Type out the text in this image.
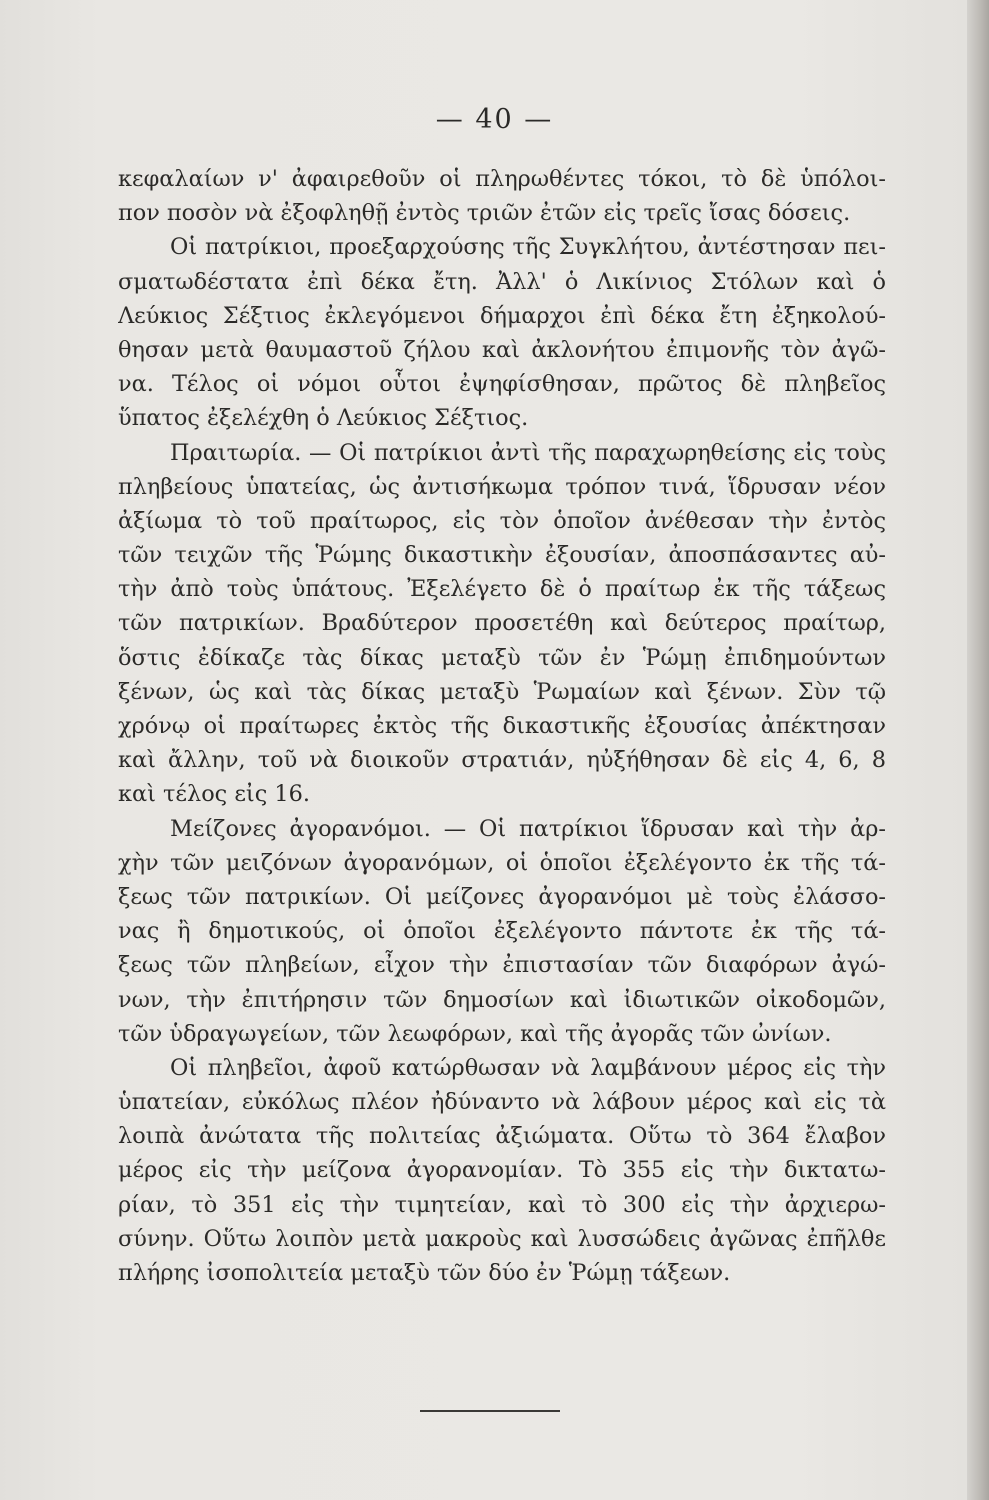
— 40 —
κεφαλαίων ν' ἀφαιρεθοῦν οἱ πληρωθέντες τόκοι, τὸ δὲ ὑπόλοι-
πον ποσὸν νὰ ἐξοφληθῇ ἐντὸς τριῶν ἐτῶν εἰς τρεῖς ἴσας δόσεις.
Οἱ πατρίκιοι, προεξαρχούσης τῆς Συγκλήτου, ἀντέστησαν πει-
σματωδέστατα ἐπὶ δέκα ἔτη. Ἀλλ' ὁ Λικίνιος Στόλων καὶ ὁ
Λεύκιος Σέξτιος ἐκλεγόμενοι δήμαρχοι ἐπὶ δέκα ἔτη ἐξηκολού-
θησαν μετὰ θαυμαστοῦ ζήλου καὶ ἀκλονήτου ἐπιμονῆς τὸν ἀγῶ-
να. Τέλος οἱ νόμοι οὗτοι ἐψηφίσθησαν, πρῶτος δὲ πληβεῖος
ὕπατος ἐξελέχθη ὁ Λεύκιος Σέξτιος.
Πραιτωρία. — Οἱ πατρίκιοι ἀντὶ τῆς παραχωρηθείσης εἰς τοὺς
πληβείους ὑπατείας, ὡς ἀντισήκωμα τρόπον τινά, ἵδρυσαν νέον
ἀξίωμα τὸ τοῦ πραίτωρος, εἰς τὸν ὁποῖον ἀνέθεσαν τὴν ἐντὸς
τῶν τειχῶν τῆς Ῥώμης δικαστικὴν ἐξουσίαν, ἀποσπάσαντες αὐ-
τὴν ἀπὸ τοὺς ὑπάτους. Ἐξελέγετο δὲ ὁ πραίτωρ ἐκ τῆς τάξεως
τῶν πατρικίων. Βραδύτερον προσετέθη καὶ δεύτερος πραίτωρ,
ὅστις ἐδίκαζε τὰς δίκας μεταξὺ τῶν ἐν Ῥώμῃ ἐπιδημούντων
ξένων, ὡς καὶ τὰς δίκας μεταξὺ Ῥωμαίων καὶ ξένων. Σὺν τῷ
χρόνῳ οἱ πραίτωρες ἐκτὸς τῆς δικαστικῆς ἐξουσίας ἀπέκτησαν
καὶ ἄλλην, τοῦ νὰ διοικοῦν στρατιάν, ηὐξήθησαν δὲ εἰς 4, 6, 8
καὶ τέλος εἰς 16.
Μείζονες ἀγορανόμοι. — Οἱ πατρίκιοι ἵδρυσαν καὶ τὴν ἀρ-
χὴν τῶν μειζόνων ἀγορανόμων, οἱ ὁποῖοι ἐξελέγοντο ἐκ τῆς τά-
ξεως τῶν πατρικίων. Οἱ μείζονες ἀγορανόμοι μὲ τοὺς ἐλάσσο-
νας ἢ δημοτικούς, οἱ ὁποῖοι ἐξελέγοντο πάντοτε ἐκ τῆς τά-
ξεως τῶν πληβείων, εἶχον τὴν ἐπιστασίαν τῶν διαφόρων ἀγώ-
νων, τὴν ἐπιτήρησιν τῶν δημοσίων καὶ ἰδιωτικῶν οἰκοδομῶν,
τῶν ὑδραγωγείων, τῶν λεωφόρων, καὶ τῆς ἀγορᾶς τῶν ὠνίων.
Οἱ πληβεῖοι, ἀφοῦ κατώρθωσαν νὰ λαμβάνουν μέρος εἰς τὴν
ὑπατείαν, εὐκόλως πλέον ἠδύναντο νὰ λάβουν μέρος καὶ εἰς τὰ
λοιπὰ ἀνώτατα τῆς πολιτείας ἀξιώματα. Οὕτω τὸ 364 ἔλαβον
μέρος εἰς τὴν μείζονα ἀγορανομίαν. Τὸ 355 εἰς τὴν δικτατω-
ρίαν, τὸ 351 εἰς τὴν τιμητείαν, καὶ τὸ 300 εἰς τὴν ἀρχιερω-
σύνην. Οὕτω λοιπὸν μετὰ μακροὺς καὶ λυσσώδεις ἀγῶνας ἐπῆλθε
πλήρης ἰσοπολιτεία μεταξὺ τῶν δύο ἐν Ῥώμῃ τάξεων.
